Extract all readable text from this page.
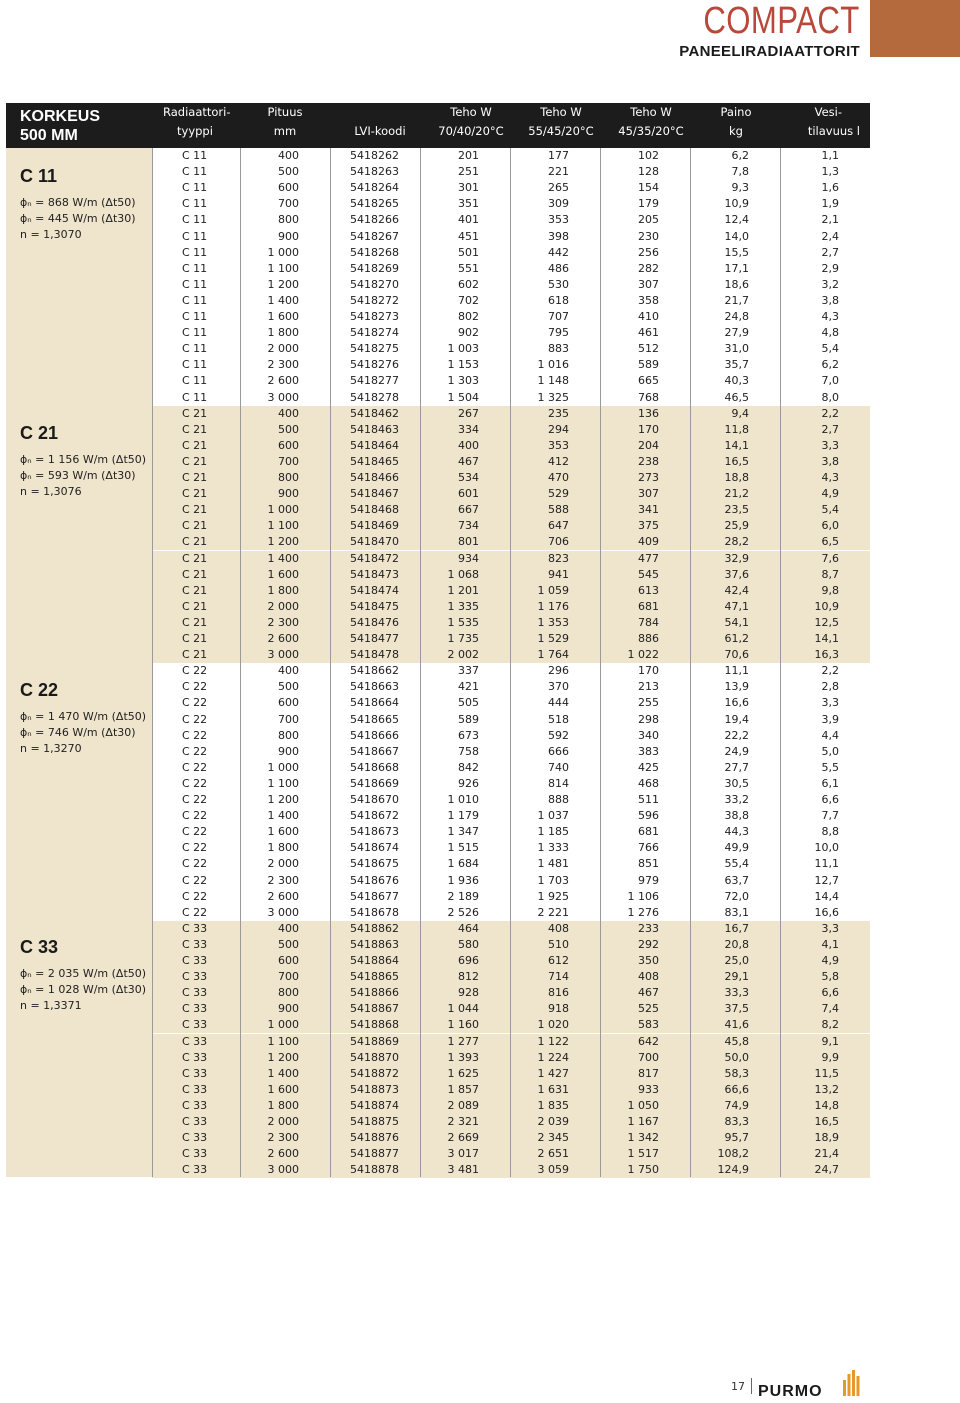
COMPACT
PANEELIRADIAATTORIT
KORKEUS
500 MM
Radiaattori-
tyyppi
Pituus
mm
	LVI-koodi
Teho W
70/40/20°C
Teho W
55/45/20°C
Teho W
45/35/20°C
Paino
kg
Vesi-
tilavuus l
C 11
ϕₙ = 868 W/m (Δt50)
ϕₙ = 445 W/m (Δt30)
n = 1,3070
C 21
ϕₙ = 1 156 W/m (Δt50)
ϕₙ = 593 W/m (Δt30)
n = 1,3076
C 22
ϕₙ = 1 470 W/m (Δt50)
ϕₙ = 746 W/m (Δt30)
n = 1,3270
C 33
ϕₙ = 2 035 W/m (Δt50)
ϕₙ = 1 028 W/m (Δt30)
n = 1,3371
C 11	400	5418262	201	177	102	6,2	1,1
C 11	500	5418263	251	221	128	7,8	1,3
C 11	600	5418264	301	265	154	9,3	1,6
C 11	700	5418265	351	309	179	10,9	1,9
C 11	800	5418266	401	353	205	12,4	2,1
C 11	900	5418267	451	398	230	14,0	2,4
C 11	1 000	5418268	501	442	256	15,5	2,7
C 11	1 100	5418269	551	486	282	17,1	2,9
C 11	1 200	5418270	602	530	307	18,6	3,2
C 11	1 400	5418272	702	618	358	21,7	3,8
C 11	1 600	5418273	802	707	410	24,8	4,3
C 11	1 800	5418274	902	795	461	27,9	4,8
C 11	2 000	5418275	1 003	883	512	31,0	5,4
C 11	2 300	5418276	1 153	1 016	589	35,7	6,2
C 11	2 600	5418277	1 303	1 148	665	40,3	7,0
C 11	3 000	5418278	1 504	1 325	768	46,5	8,0
C 21	400	5418462	267	235	136	9,4	2,2
C 21	500	5418463	334	294	170	11,8	2,7
C 21	600	5418464	400	353	204	14,1	3,3
C 21	700	5418465	467	412	238	16,5	3,8
C 21	800	5418466	534	470	273	18,8	4,3
C 21	900	5418467	601	529	307	21,2	4,9
C 21	1 000	5418468	667	588	341	23,5	5,4
C 21	1 100	5418469	734	647	375	25,9	6,0
C 21	1 200	5418470	801	706	409	28,2	6,5
C 21	1 400	5418472	934	823	477	32,9	7,6
C 21	1 600	5418473	1 068	941	545	37,6	8,7
C 21	1 800	5418474	1 201	1 059	613	42,4	9,8
C 21	2 000	5418475	1 335	1 176	681	47,1	10,9
C 21	2 300	5418476	1 535	1 353	784	54,1	12,5
C 21	2 600	5418477	1 735	1 529	886	61,2	14,1
C 21	3 000	5418478	2 002	1 764	1 022	70,6	16,3
C 22	400	5418662	337	296	170	11,1	2,2
C 22	500	5418663	421	370	213	13,9	2,8
C 22	600	5418664	505	444	255	16,6	3,3
C 22	700	5418665	589	518	298	19,4	3,9
C 22	800	5418666	673	592	340	22,2	4,4
C 22	900	5418667	758	666	383	24,9	5,0
C 22	1 000	5418668	842	740	425	27,7	5,5
C 22	1 100	5418669	926	814	468	30,5	6,1
C 22	1 200	5418670	1 010	888	511	33,2	6,6
C 22	1 400	5418672	1 179	1 037	596	38,8	7,7
C 22	1 600	5418673	1 347	1 185	681	44,3	8,8
C 22	1 800	5418674	1 515	1 333	766	49,9	10,0
C 22	2 000	5418675	1 684	1 481	851	55,4	11,1
C 22	2 300	5418676	1 936	1 703	979	63,7	12,7
C 22	2 600	5418677	2 189	1 925	1 106	72,0	14,4
C 22	3 000	5418678	2 526	2 221	1 276	83,1	16,6
C 33	400	5418862	464	408	233	16,7	3,3
C 33	500	5418863	580	510	292	20,8	4,1
C 33	600	5418864	696	612	350	25,0	4,9
C 33	700	5418865	812	714	408	29,1	5,8
C 33	800	5418866	928	816	467	33,3	6,6
C 33	900	5418867	1 044	918	525	37,5	7,4
C 33	1 000	5418868	1 160	1 020	583	41,6	8,2
C 33	1 100	5418869	1 277	1 122	642	45,8	9,1
C 33	1 200	5418870	1 393	1 224	700	50,0	9,9
C 33	1 400	5418872	1 625	1 427	817	58,3	11,5
C 33	1 600	5418873	1 857	1 631	933	66,6	13,2
C 33	1 800	5418874	2 089	1 835	1 050	74,9	14,8
C 33	2 000	5418875	2 321	2 039	1 167	83,3	16,5
C 33	2 300	5418876	2 669	2 345	1 342	95,7	18,9
C 33	2 600	5418877	3 017	2 651	1 517	108,2	21,4
C 33	3 000	5418878	3 481	3 059	1 750	124,9	24,7
17 PURMO
